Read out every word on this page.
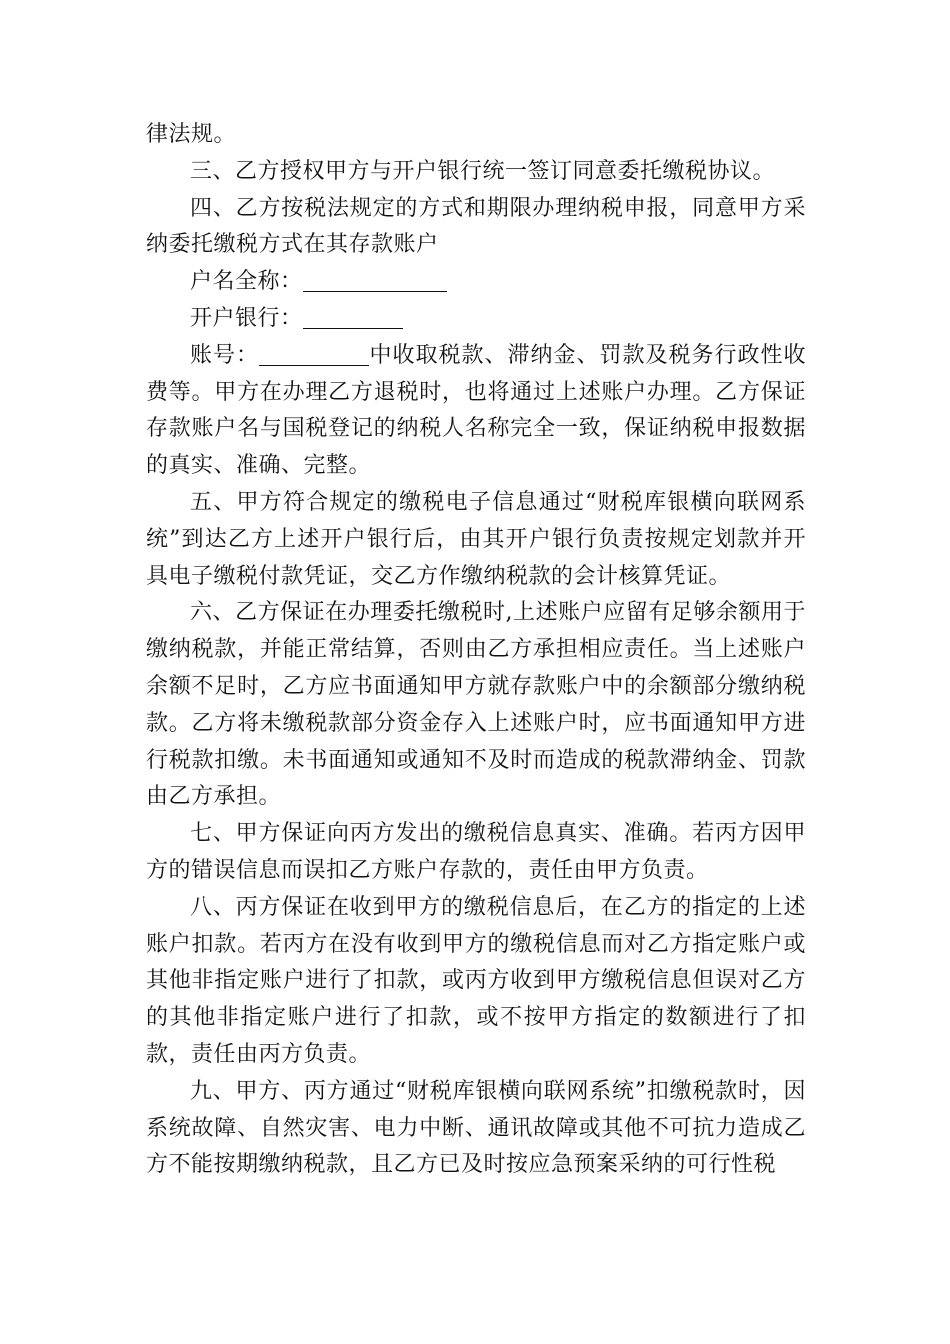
律法规。

三、乙方授权甲方与开户银行统一签订同意委托缴税协议。

四、乙方按税法规定的方式和期限办理纳税申报，同意甲方采纳委托缴税方式在其存款账户

户名全称：

开户银行：

账号：	中收取税款、滞纳金、罚款及税务行政性收费等。甲方在办理乙方退税时，也将通过上述账户办理。乙方保证存款账户名与国税登记的纳税人名称完全一致，保证纳税申报数据的真实、准确、完整。

五、甲方符合规定的缴税电子信息通过“财税库银横向联网系统”到达乙方上述开户银行后，由其开户银行负责按规定划款并开具电子缴税付款凭证，交乙方作缴纳税款的会计核算凭证。

六、乙方保证在办理委托缴税时,上述账户应留有足够余额用于缴纳税款，并能正常结算，否则由乙方承担相应责任。当上述账户余额不足时，乙方应书面通知甲方就存款账户中的余额部分缴纳税款。乙方将未缴税款部分资金存入上述账户时，应书面通知甲方进行税款扣缴。未书面通知或通知不及时而造成的税款滞纳金、罚款由乙方承担。

七、甲方保证向丙方发出的缴税信息真实、准确。若丙方因甲方的错误信息而误扣乙方账户存款的，责任由甲方负责。

八、丙方保证在收到甲方的缴税信息后，在乙方的指定的上述账户扣款。若丙方在没有收到甲方的缴税信息而对乙方指定账户或其他非指定账户进行了扣款，或丙方收到甲方缴税信息但误对乙方的其他非指定账户进行了扣款，或不按甲方指定的数额进行了扣款，责任由丙方负责。

九、甲方、丙方通过“财税库银横向联网系统”扣缴税款时，因系统故障、自然灾害、电力中断、通讯故障或其他不可抗力造成乙方不能按期缴纳税款，且乙方已及时按应急预案采纳的可行性税
